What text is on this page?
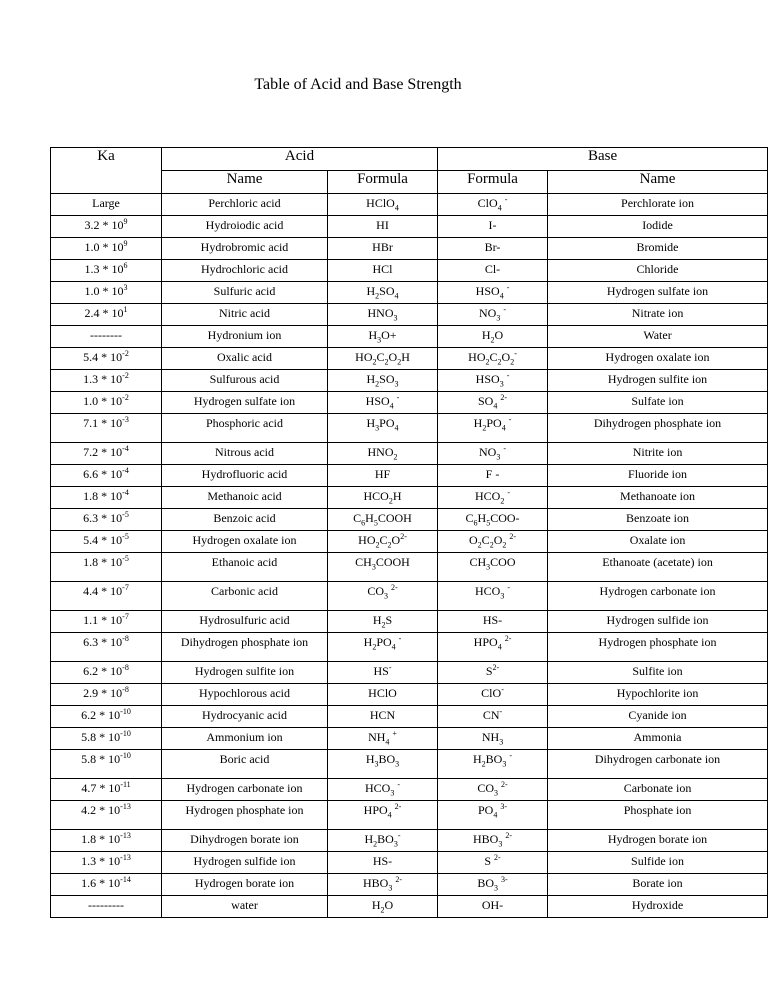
Table of Acid and Base Strength
Ka	Acid		Base	
	Name	Formula	Formula	Name
Large	Perchloric acid	HClO$_4$	ClO$_4$ -	Perchlorate ion
$3.2 * 10^9$	Hydroiodic acid	HI	I-	Iodide
$1.0 * 10^9$	Hydrobromic acid	HBr	Br-	Bromide
$1.3 * 10^6$	Hydrochloric acid	HCl	Cl-	Chloride
$1.0 * 10^3$	Sulfuric acid	$H_2SO_4$	$HSO_4$ -	Hydrogen sulfate ion
$2.4 * 10^1$	Nitric acid	$HNO_3$	$NO_3$ -	Nitrate ion
--------	Hydronium ion	$H_3O+$	$H_2O$	Water
$5.4 * 10^{-2}$	Oxalic acid	$HO_2C_2O_2H$	$HO_2C_2O_2^-$	Hydrogen oxalate ion
$1.3 * 10^{-2}$	Sulfurous acid	$H_2SO_3$	$HSO_3$ -	Hydrogen sulfite ion
$1.0 * 10^{-2}$	Hydrogen sulfate ion	$HSO_4$ -	$SO_4$ $^{2-}$	Sulfate ion
$7.1 * 10^{-3}$	Phosphoric acid	$H_3PO_4$	$H_2PO_4$ -	Dihydrogen phosphate ion
$7.2 * 10^{-4}$	Nitrous acid	$HNO_2$	$NO_3$ -	Nitrite ion
$6.6 * 10^{-4}$	Hydrofluoric acid	HF	F -	Fluoride ion
$1.8 * 10^{-4}$	Methanoic acid	$HCO_2H$	$HCO_2$ -	Methanoate ion
$6.3 * 10^{-5}$	Benzoic acid	$C_6H_5COOH$	$C_6H_5COO-$	Benzoate ion
$5.4 * 10^{-5}$	Hydrogen oxalate ion	$HO_2C_2O^{2-}$	$O_2C_2O_2$ $^{2-}$	Oxalate ion
$1.8 * 10^{-5}$	Ethanoic acid	$CH_3COOH$	$CH_3COO$	Ethanoate (acetate) ion
$4.4 * 10^{-7}$	Carbonic acid	$CO_3$ $^{2-}$	$HCO_3$ -	Hydrogen carbonate ion
$1.1 * 10^{-7}$	Hydrosulfuric acid	$H_2S$	HS-	Hydrogen sulfide ion
$6.3 * 10^{-8}$	Dihydrogen phosphate ion	$H_2PO_4$ -	$HPO_4$ $^{2-}$	Hydrogen phosphate ion
$6.2 * 10^{-8}$	Hydrogen sulfite ion	HS-	$S^{2-}$	Sulfite ion
$2.9 * 10^{-8}$	Hypochlorous acid	HClO	ClO-	Hypochlorite ion
$6.2 * 10^{-10}$	Hydrocyanic acid	HCN	CN-	Cyanide ion
$5.8 * 10^{-10}$	Ammonium ion	$NH_4$ +	$NH_3$	Ammonia
$5.8 * 10^{-10}$	Boric acid	$H_3BO_3$	$H_2BO_3$ -	Dihydrogen carbonate ion
$4.7 * 10^{-11}$	Hydrogen carbonate ion	$HCO_3$ -	$CO_3$ $^{2-}$	Carbonate ion
$4.2 * 10^{-13}$	Hydrogen phosphate ion	$HPO_4$ $^{2-}$	$PO_4$ $^{3-}$	Phosphate ion
$1.8 * 10^{-13}$	Dihydrogen borate ion	$H_2BO_3^-$	$HBO_3$ $^{2-}$	Hydrogen borate ion
$1.3 * 10^{-13}$	Hydrogen sulfide ion	HS-	S $^{2-}$	Sulfide ion
$1.6 * 10^{-14}$	Hydrogen borate ion	$HBO_3$ $^{2-}$	$BO_3$ $^{3-}$	Borate ion
---------	water	$H_2O$	OH-	Hydroxide
